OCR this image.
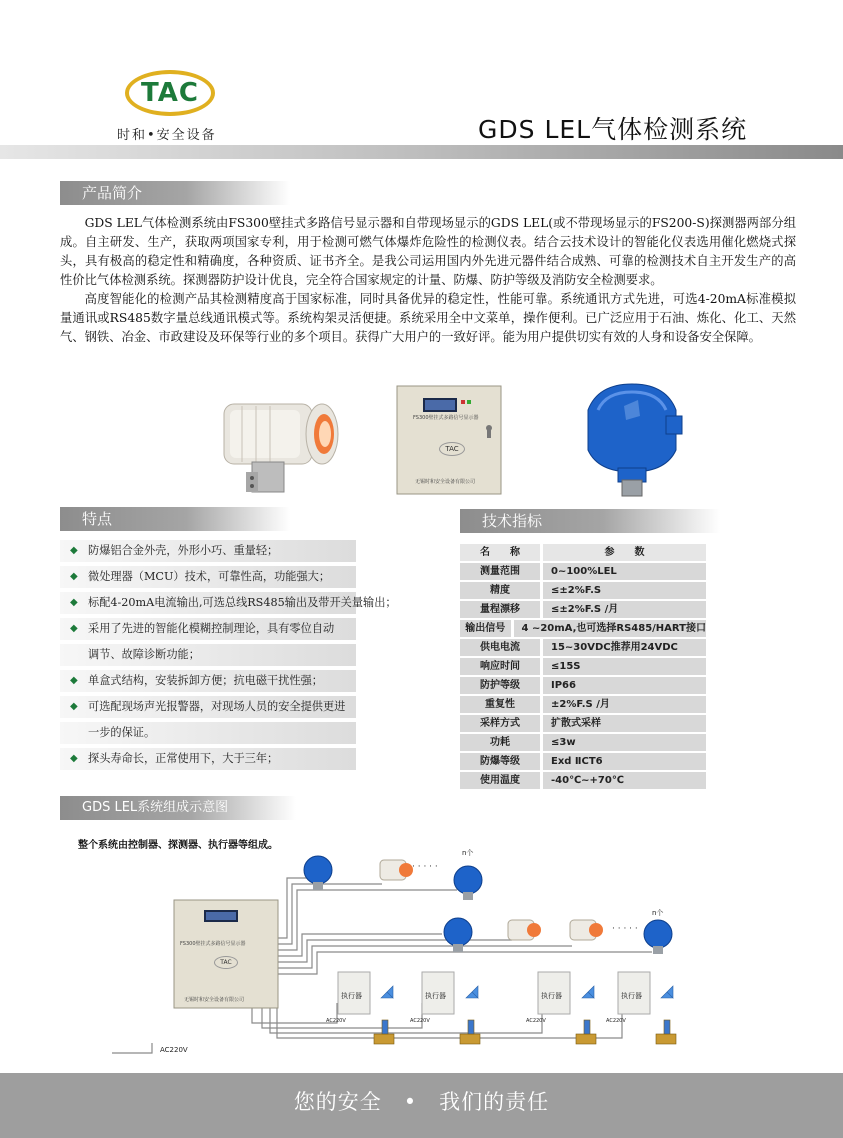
TAC
时和•安全设备	GDS LEL气体检测系统
产品简介

GDS LEL气体检测系统由FS300壁挂式多路信号显示器和自带现场显示的GDS LEL(或不带现场显示的FS200-S)探测器两部分组成。自主研发、生产，获取两项国家专利，用于检测可燃气体爆炸危险性的检测仪表。结合云技术设计的智能化仪表选用催化燃烧式探头，具有极高的稳定性和精确度，各种资质、证书齐全。是我公司运用国内外先进元器件结合成熟、可靠的检测技术自主开发生产的高性价比气体检测系统。探测器防护设计优良，完全符合国家规定的计量、防爆、防护等级及消防安全检测要求。

高度智能化的检测产品其检测精度高于国家标准，同时具备优异的稳定性，性能可靠。系统通讯方式先进，可选4-20mA标准模拟量通讯或RS485数字量总线通讯模式等。系统构架灵活便捷。系统采用全中文菜单，操作便利。已广泛应用于石油、炼化、化工、天然气、钢铁、冶金、市政建设及环保等行业的多个项目。获得广大用户的一致好评。能为用户提供切实有效的人身和设备安全保障。

FS300壁挂式多路信号显示器
TAC
无锡时和安全设备有限公司
特点
◆ 防爆铝合金外壳，外形小巧、重量轻；
◆ 微处理器（MCU）技术，可靠性高，功能强大；
◆ 标配4-20mA电流输出,可选总线RS485输出及带开关量输出；
◆ 采用了先进的智能化模糊控制理论，具有零位自动
调节、故障诊断功能；
◆ 单盒式结构，安装拆卸方便；抗电磁干扰性强；
◆ 可选配现场声光报警器，对现场人员的安全提供更进
一步的保证。
◆ 探头寿命长，正常使用下，大于三年；
技术指标
名　　称	参　　数
测量范围	0~100%LEL
精度	≤±2%F.S
量程漂移	≤±2%F.S /月
输出信号	4 ~20mA,也可选择RS485/HART接口
供电电流	15~30VDC推荐用24VDC
响应时间	≤15S
防护等级	IP66
重复性	±2%F.S /月
采样方式	扩散式采样
功耗	≤3w
防爆等级	Exd ⅡCT6
使用温度	-40℃~+70℃
GDS LEL系统组成示意图
整个系统由控制器、探测器、执行器等组成。
FS300壁挂式多路信号显示器
TAC
无锡时和安全设备有限公司	执行器	执行器	执行器	执行器
AC220V
AC220V	AC220V	AC220V	AC220V
n个
n个
· · · · ·
· · · · ·
您的安全　•　我们的责任
